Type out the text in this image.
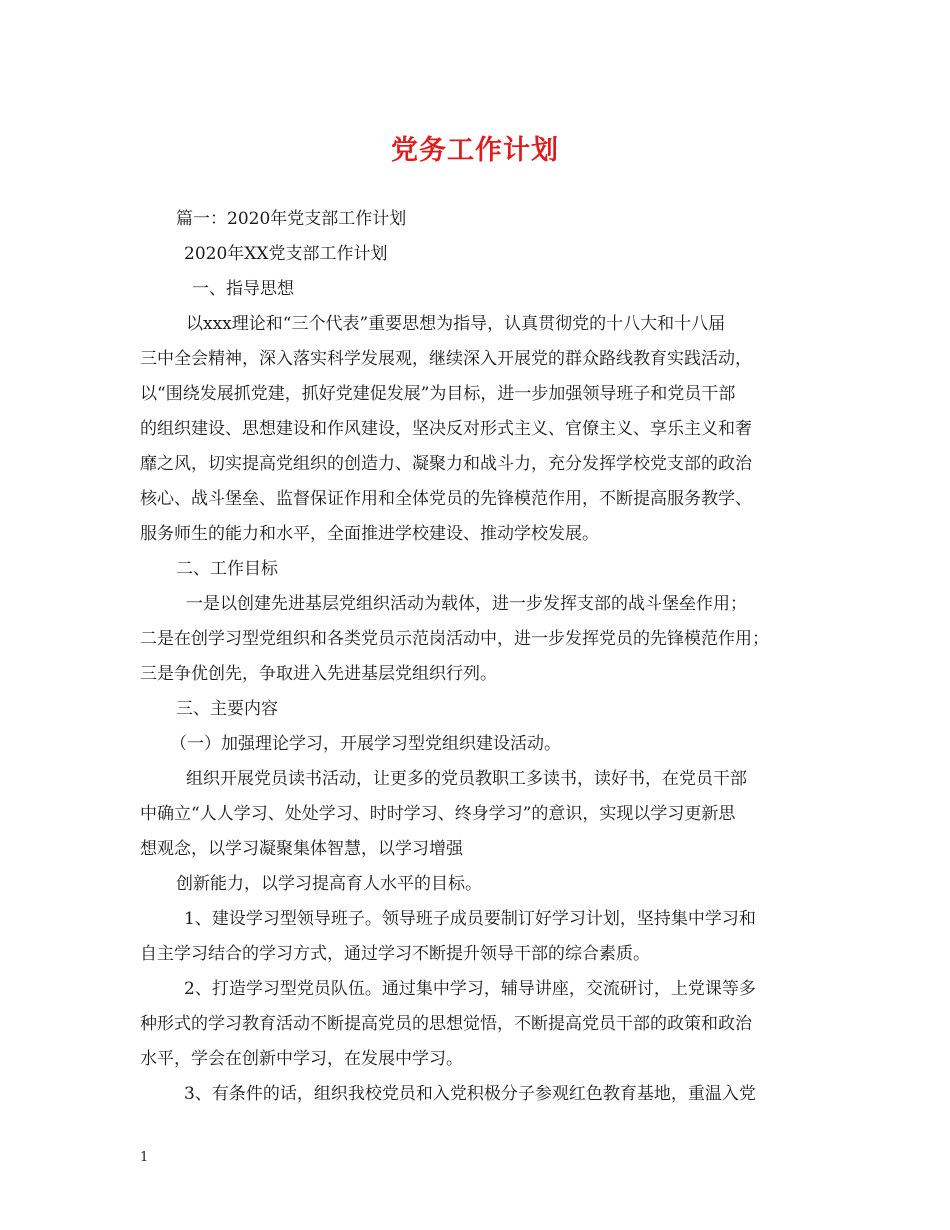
党务工作计划

篇一：2020年党支部工作计划

2020年XX党支部工作计划

一、指导思想

以xxx理论和“三个代表”重要思想为指导，认真贯彻党的十八大和十八届
三中全会精神，深入落实科学发展观，继续深入开展党的群众路线教育实践活动，
以“围绕发展抓党建，抓好党建促发展”为目标，进一步加强领导班子和党员干部
的组织建设、思想建设和作风建设，坚决反对形式主义、官僚主义、享乐主义和奢
靡之风，切实提高党组织的创造力、凝聚力和战斗力，充分发挥学校党支部的政治
核心、战斗堡垒、监督保证作用和全体党员的先锋模范作用，不断提高服务教学、
服务师生的能力和水平，全面推进学校建设、推动学校发展。

二、工作目标

一是以创建先进基层党组织活动为载体，进一步发挥支部的战斗堡垒作用；
二是在创学习型党组织和各类党员示范岗活动中，进一步发挥党员的先锋模范作用；
三是争优创先，争取进入先进基层党组织行列。

三、主要内容

（一）加强理论学习，开展学习型党组织建设活动。

组织开展党员读书活动，让更多的党员教职工多读书，读好书，在党员干部
中确立“人人学习、处处学习、时时学习、终身学习”的意识，实现以学习更新思
想观念，以学习凝聚集体智慧，以学习增强
创新能力，以学习提高育人水平的目标。
1、建设学习型领导班子。领导班子成员要制订好学习计划，坚持集中学习和
自主学习结合的学习方式，通过学习不断提升领导干部的综合素质。
2、打造学习型党员队伍。通过集中学习，辅导讲座，交流研讨，上党课等多
种形式的学习教育活动不断提高党员的思想觉悟，不断提高党员干部的政策和政治
水平，学会在创新中学习，在发展中学习。
3、有条件的话，组织我校党员和入党积极分子参观红色教育基地，重温入党
1
